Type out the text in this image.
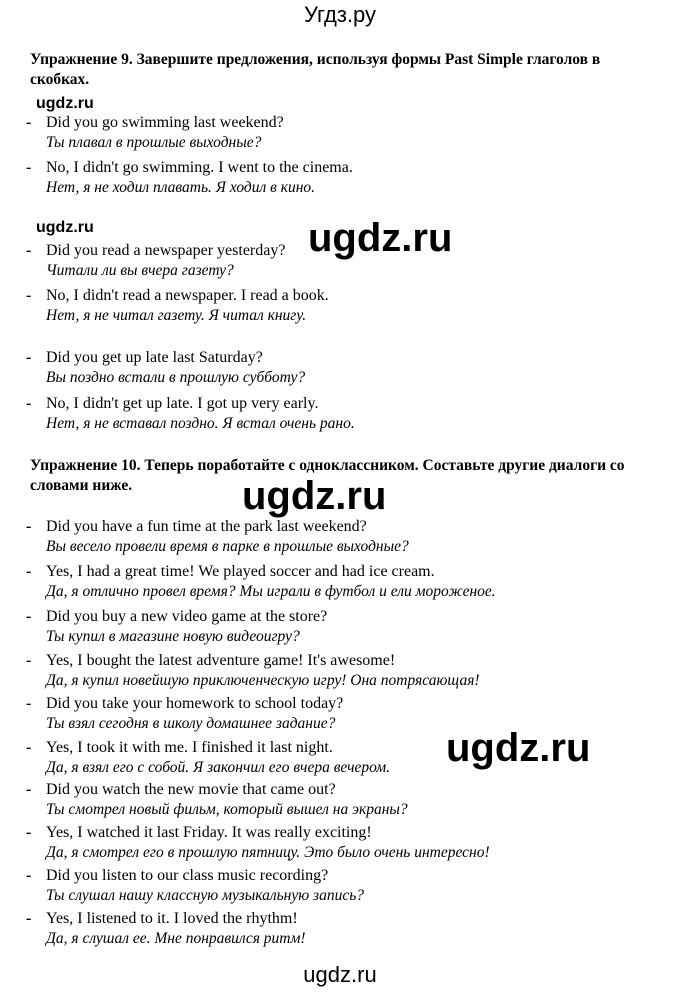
Угдз.ру
Упражнение 9. Завершите предложения, используя формы Past Simple глаголов в скобках.
ugdz.ru
- Did you go swimming last weekend?
Ты плавал в прошлые выходные?
- No, I didn't go swimming. I went to the cinema.
Нет, я не ходил плавать. Я ходил в кино.
ugdz.ru
- Did you read a newspaper yesterday?
Читали ли вы вчера газету?
- No, I didn't read a newspaper. I read a book.
Нет, я не читал газету. Я читал книгу.
- Did you get up late last Saturday?
Вы поздно встали в прошлую субботу?
- No, I didn't get up late. I got up very early.
Нет, я не вставал поздно. Я встал очень рано.
ugdz.ru
Упражнение 10. Теперь поработайте с одноклассником. Составьте другие диалоги со словами ниже.	ugdz.ru
- Did you have a fun time at the park last weekend?
Вы весело провели время в парке в прошлые выходные?
- Yes, I had a great time! We played soccer and had ice cream.
Да, я отлично провел время? Мы играли в футбол и ели мороженое.
- Did you buy a new video game at the store?
Ты купил в магазине новую видеоигру?
- Yes, I bought the latest adventure game! It's awesome!
Да, я купил новейшую приключенческую игру! Она потрясающая!
- Did you take your homework to school today?
Ты взял сегодня в школу домашнее задание?
- Yes, I took it with me. I finished it last night.
Да, я взял его с собой. Я закончил его вчера вечером. ugdz.ru
- Did you watch the new movie that came out?
Ты смотрел новый фильм, который вышел на экраны?
- Yes, I watched it last Friday. It was really exciting!
Да, я смотрел его в прошлую пятницу. Это было очень интересно!
- Did you listen to our class music recording?
Ты слушал нашу классную музыкальную запись?
- Yes, I listened to it. I loved the rhythm!
Да, я слушал ее. Мне понравился ритм!
ugdz.ru
